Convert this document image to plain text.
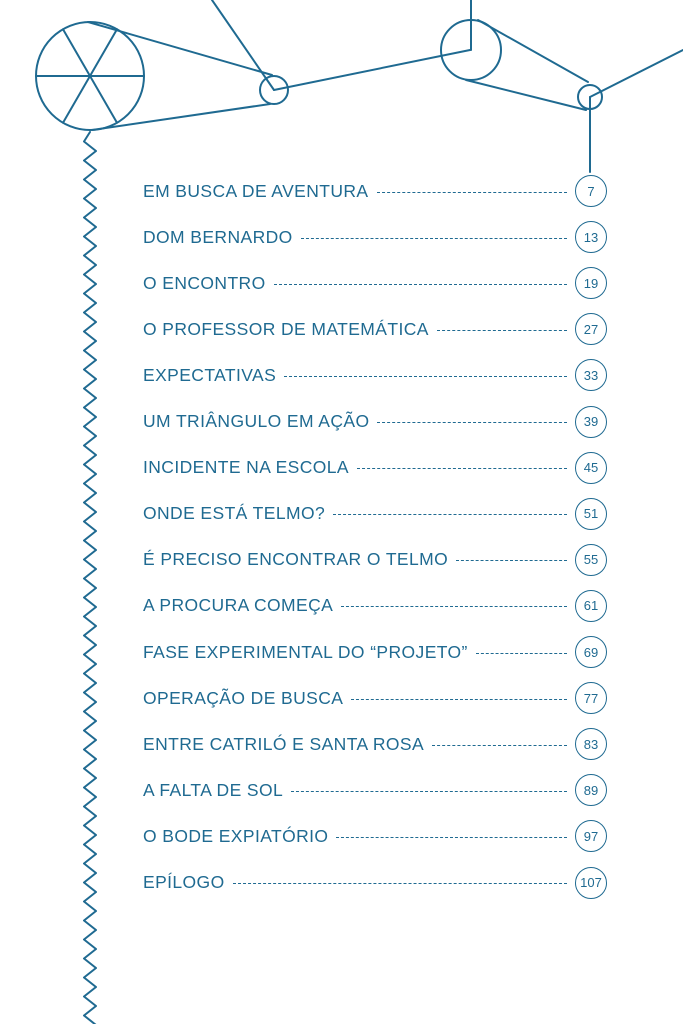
EM BUSCA DE AVENTURA	7
DOM BERNARDO	13
O ENCONTRO	19
O PROFESSOR DE MATEMÁTICA	27
EXPECTATIVAS	33
UM TRIÂNGULO EM AÇÃO	39
INCIDENTE NA ESCOLA	45
ONDE ESTÁ TELMO?	51
É PRECISO ENCONTRAR O TELMO	55
A PROCURA COMEÇA	61
FASE EXPERIMENTAL DO “PROJETO”	69
OPERAÇÃO DE BUSCA	77
ENTRE CATRILÓ E SANTA ROSA	83
A FALTA DE SOL	89
O BODE EXPIATÓRIO	97
EPÍLOGO	107
